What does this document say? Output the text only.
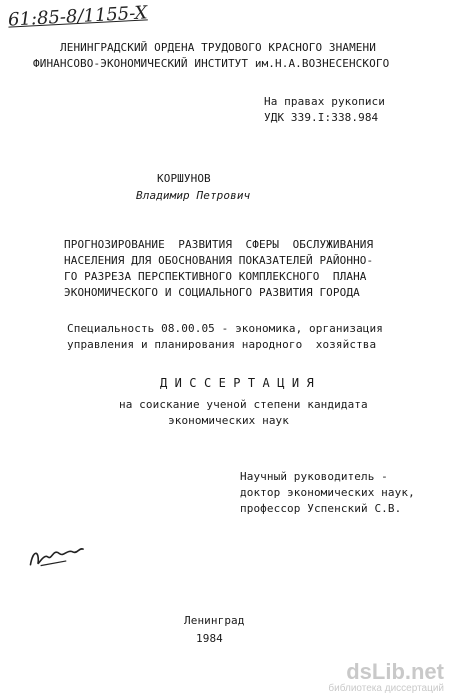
61:85-8/1155-X
ЛЕНИНГРАДСКИЙ ОРДЕНА ТРУДОВОГО КРАСНОГО ЗНАМЕНИ
ФИНАНСОВО-ЭКОНОМИЧЕСКИЙ ИНСТИТУТ им.Н.А.ВОЗНЕСЕНСКОГО
На правах рукописи
УДК 339.I:338.984
КОРШУНОВ
Владимир Петрович
ПРОГНОЗИРОВАНИЕ  РАЗВИТИЯ  СФЕРЫ  ОБСЛУЖИВАНИЯ
НАСЕЛЕНИЯ ДЛЯ ОБОСНОВАНИЯ ПОКАЗАТЕЛЕЙ РАЙОННО-
ГО РАЗРЕЗА ПЕРСПЕКТИВНОГО КОМПЛЕКСНОГО  ПЛАНА
ЭКОНОМИЧЕСКОГО И СОЦИАЛЬНОГО РАЗВИТИЯ ГОРОДА
Специальность 08.00.05 - экономика, организация
управления и планирования народного  хозяйства
Д И С С Е Р Т А Ц И Я
на соискание ученой степени кандидата
экономических наук
Научный руководитель -
доктор экономических наук,
профессор Успенский С.В.
Ленинград
1984
dsLib.net
библиотека диссертаций
